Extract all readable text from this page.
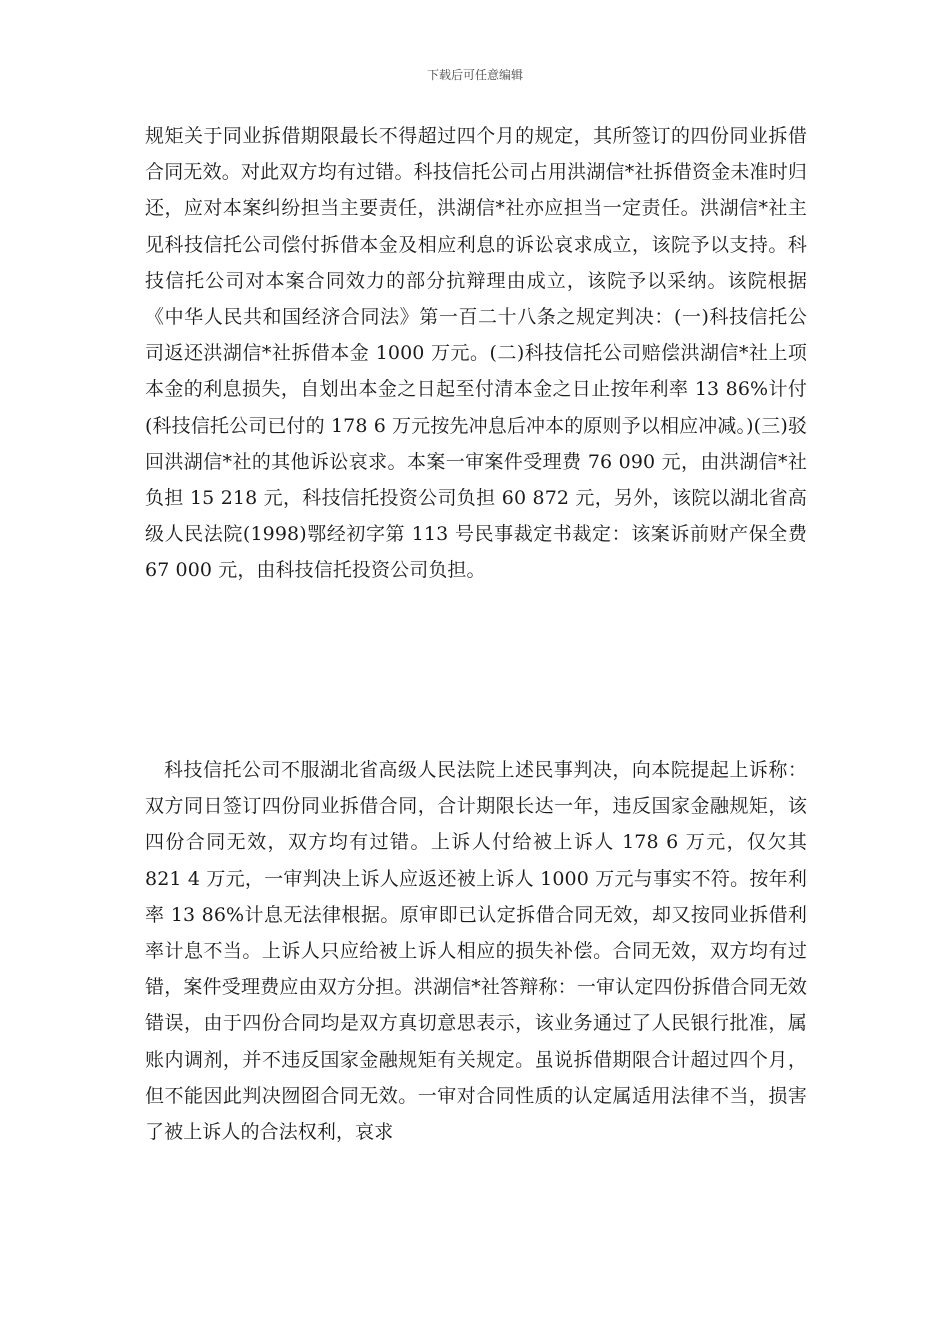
下载后可任意编辑

规矩关于同业拆借期限最长不得超过四个月的规定，其所签订的四份同业拆借合同无效。对此双方均有过错。科技信托公司占用洪湖信*社拆借资金未准时归还，应对本案纠纷担当主要责任，洪湖信*社亦应担当一定责任。洪湖信*社主见科技信托公司偿付拆借本金及相应利息的诉讼哀求成立，该院予以支持。科技信托公司对本案合同效力的部分抗辩理由成立，该院予以采纳。该院根据《中华人民共和国经济合同法》第一百二十八条之规定判决：(一)科技信托公司返还洪湖信*社拆借本金 1000 万元。(二)科技信托公司赔偿洪湖信*社上项本金的利息损失，自划出本金之日起至付清本金之日止按年利率 13 86%计付(科技信托公司已付的 178 6 万元按先冲息后冲本的原则予以相应冲减。)(三)驳回洪湖信*社的其他诉讼哀求。本案一审案件受理费 76 090 元，由洪湖信*社负担 15 218 元，科技信托投资公司负担 60 872 元，另外，该院以湖北省高级人民法院(1998)鄂经初字第 113 号民事裁定书裁定：该案诉前财产保全费 67 000 元，由科技信托投资公司负担。

科技信托公司不服湖北省高级人民法院上述民事判决，向本院提起上诉称：双方同日签订四份同业拆借合同，合计期限长达一年，违反国家金融规矩，该四份合同无效，双方均有过错。上诉人付给被上诉人 178 6 万元，仅欠其 821 4 万元，一审判决上诉人应返还被上诉人 1000 万元与事实不符。按年利率 13 86%计息无法律根据。原审即已认定拆借合同无效，却又按同业拆借利率计息不当。上诉人只应给被上诉人相应的损失补偿。合同无效，双方均有过错，案件受理费应由双方分担。洪湖信*社答辩称：一审认定四份拆借合同无效错误，由于四份合同均是双方真切意思表示，该业务通过了人民银行批准，属账内调剂，并不违反国家金融规矩有关规定。虽说拆借期限合计超过四个月，但不能因此判决囫囵合同无效。一审对合同性质的认定属适用法律不当，损害了被上诉人的合法权利，哀求
